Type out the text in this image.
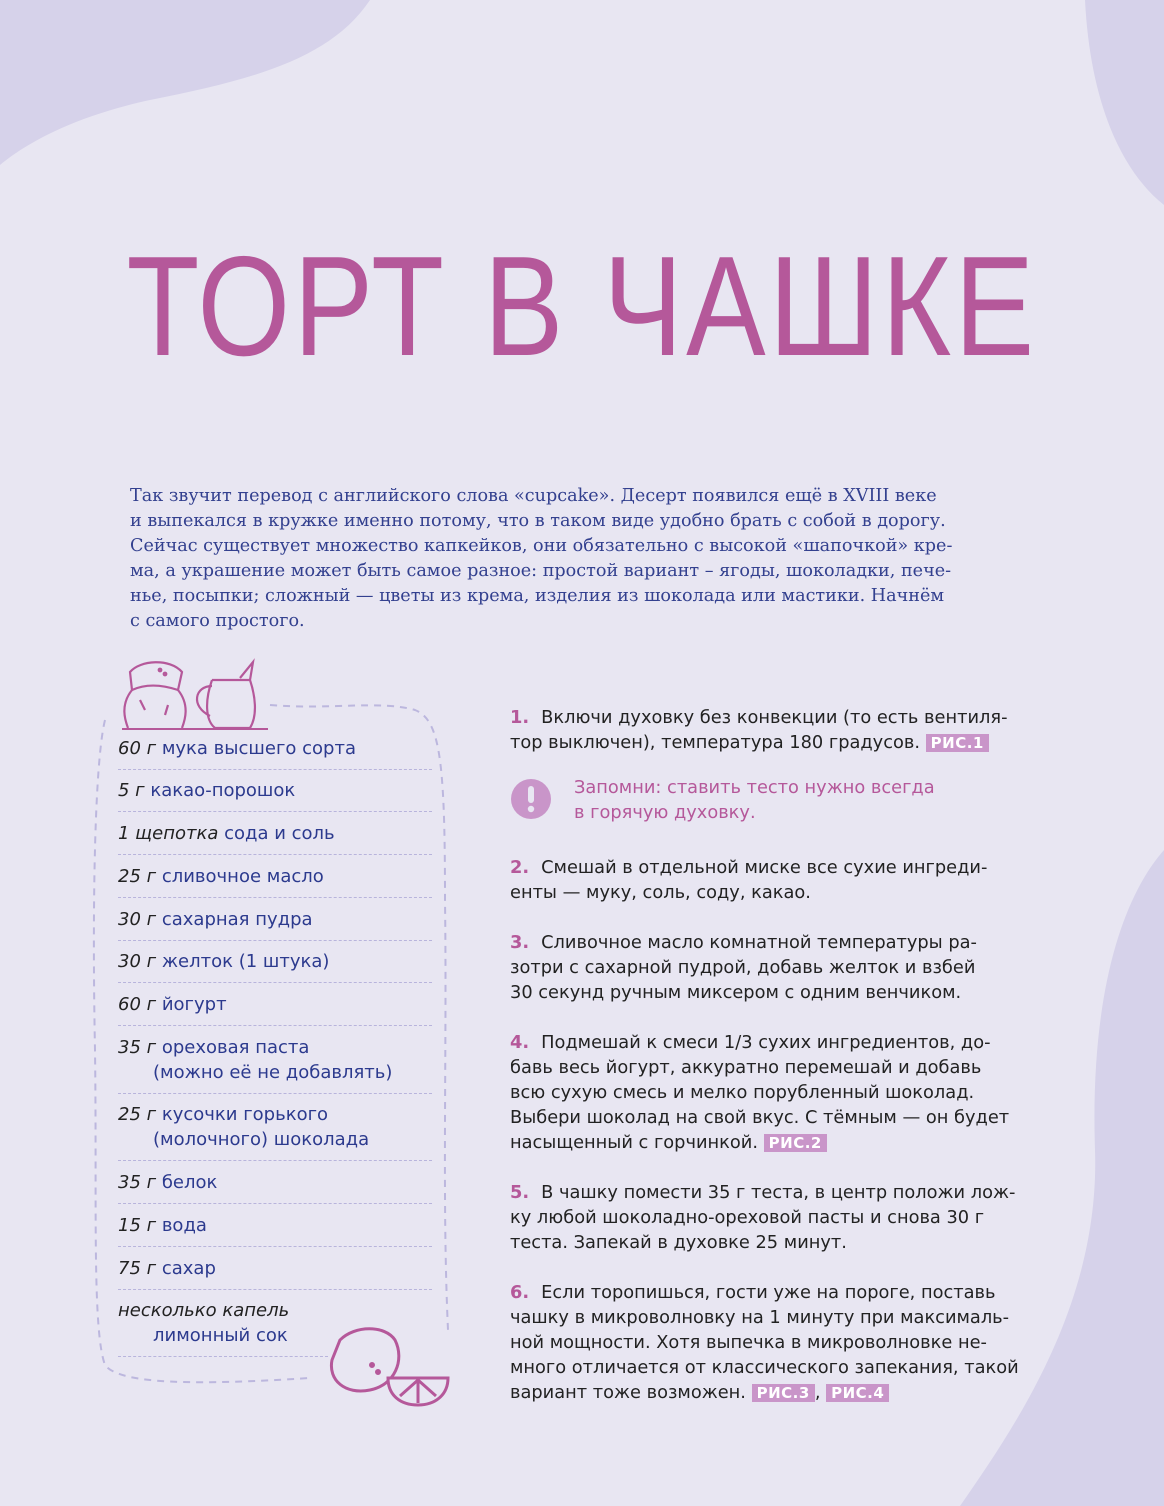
ТОРТ В ЧАШКЕ
Так звучит перевод с английского слова «cupcake». Десерт появился ещё в XVIII веке
и выпекался в кружке именно потому, что в таком виде удобно брать с собой в дорогу.
Сейчас существует множество капкейков, они обязательно с высокой «шапочкой» кре-
ма, а украшение может быть самое разное: простой вариант – ягоды, шоколадки, пече-
нье, посыпки; сложный — цветы из крема, изделия из шоколада или мастики. Начнём
с самого простого.
60 г мука высшего сорта
5 г какао-порошок
1 щепотка сода и соль
25 г сливочное масло
30 г сахарная пудра
30 г желток (1 штука)
60 г йогурт
35 г ореховая паста
(можно её не добавлять)
25 г кусочки горького
(молочного) шоколада
35 г белок
15 г вода
75 г сахар
несколько капель
лимонный сок
1. Включи духовку без конвекции (то есть вентиля-
тор выключен), температура 180 градусов. РИС.1
2. Смешай в отдельной миске все сухие ингреди-
енты — муку, соль, соду, какао.
3. Сливочное масло комнатной температуры ра-
зотри с сахарной пудрой, добавь желток и взбей
30 секунд ручным миксером с одним венчиком.
4. Подмешай к смеси 1/3 сухих ингредиентов, до-
бавь весь йогурт, аккуратно перемешай и добавь
всю сухую смесь и мелко порубленный шоколад.
Выбери шоколад на свой вкус. С тёмным — он будет
насыщенный с горчинкой. РИС.2
5. В чашку помести 35 г теста, в центр положи лож-
ку любой шоколадно-ореховой пасты и снова 30 г
теста. Запекай в духовке 25 минут.
6. Если торопишься, гости уже на пороге, поставь
чашку в микроволновку на 1 минуту при максималь-
ной мощности. Хотя выпечка в микроволновке не-
много отличается от классического запекания, такой
вариант тоже возможен. РИС.3 , РИС.4
Запомни: ставить тесто нужно всегда
в горячую духовку.
